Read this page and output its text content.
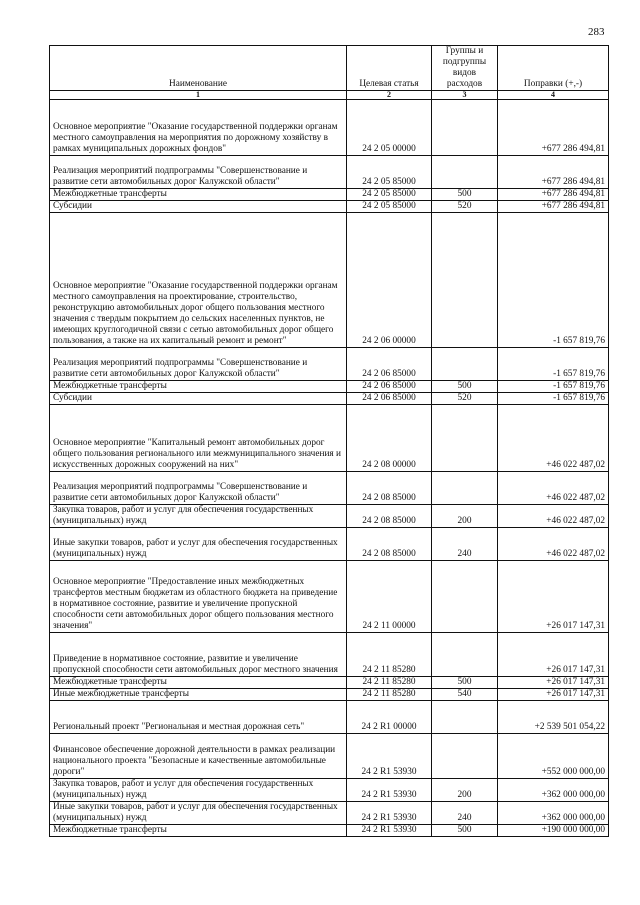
283
Наименование	Целевая статья	Группы и подгруппы видов расходов	Поправки (+,-)
1	2	3	4
Основное мероприятие "Оказание государственной поддержки органам местного самоуправления на мероприятия по дорожному хозяйству в рамках муниципальных дорожных фондов"	24 2 05 00000		+677 286 494,81
Реализация мероприятий подпрограммы "Совершенствование и развитие сети автомобильных дорог Калужской области"	24 2 05 85000		+677 286 494,81
Межбюджетные трансферты	24 2 05 85000	500	+677 286 494,81
Субсидии	24 2 05 85000	520	+677 286 494,81
Основное мероприятие "Оказание государственной поддержки органам местного самоуправления на проектирование, строительство, реконструкцию автомобильных дорог общего пользования местного значения с твердым покрытием до сельских населенных пунктов, не имеющих круглогодичной связи с сетью автомобильных дорог общего пользования, а также на их капитальный ремонт и ремонт"	24 2 06 00000		-1 657 819,76
Реализация мероприятий подпрограммы "Совершенствование и развитие сети автомобильных дорог Калужской области"	24 2 06 85000		-1 657 819,76
Межбюджетные трансферты	24 2 06 85000	500	-1 657 819,76
Субсидии	24 2 06 85000	520	-1 657 819,76
Основное мероприятие "Капитальный ремонт автомобильных дорог общего пользования регионального или межмуниципального значения и искусственных дорожных сооружений на них"	24 2 08 00000		+46 022 487,02
Реализация мероприятий подпрограммы "Совершенствование и развитие сети автомобильных дорог Калужской области"	24 2 08 85000		+46 022 487,02
Закупка товаров, работ и услуг для обеспечения государственных (муниципальных) нужд	24 2 08 85000	200	+46 022 487,02
Иные закупки товаров, работ и услуг для обеспечения государственных (муниципальных) нужд	24 2 08 85000	240	+46 022 487,02
Основное мероприятие "Предоставление иных межбюджетных трансфертов местным бюджетам из областного бюджета на приведение в нормативное состояние, развитие и увеличение пропускной способности сети автомобильных дорог общего пользования местного значения"	24 2 11 00000		+26 017 147,31
Приведение в нормативное состояние, развитие и увеличение пропускной способности сети автомобильных дорог местного значения	24 2 11 85280		+26 017 147,31
Межбюджетные трансферты	24 2 11 85280	500	+26 017 147,31
Иные межбюджетные трансферты	24 2 11 85280	540	+26 017 147,31
Региональный проект "Региональная и местная дорожная сеть"	24 2 R1 00000		+2 539 501 054,22
Финансовое обеспечение дорожной деятельности в рамках реализации национального проекта "Безопасные и качественные автомобильные дороги"	24 2 R1 53930		+552 000 000,00
Закупка товаров, работ и услуг для обеспечения государственных (муниципальных) нужд	24 2 R1 53930	200	+362 000 000,00
Иные закупки товаров, работ и услуг для обеспечения государственных (муниципальных) нужд	24 2 R1 53930	240	+362 000 000,00
Межбюджетные трансферты	24 2 R1 53930	500	+190 000 000,00
